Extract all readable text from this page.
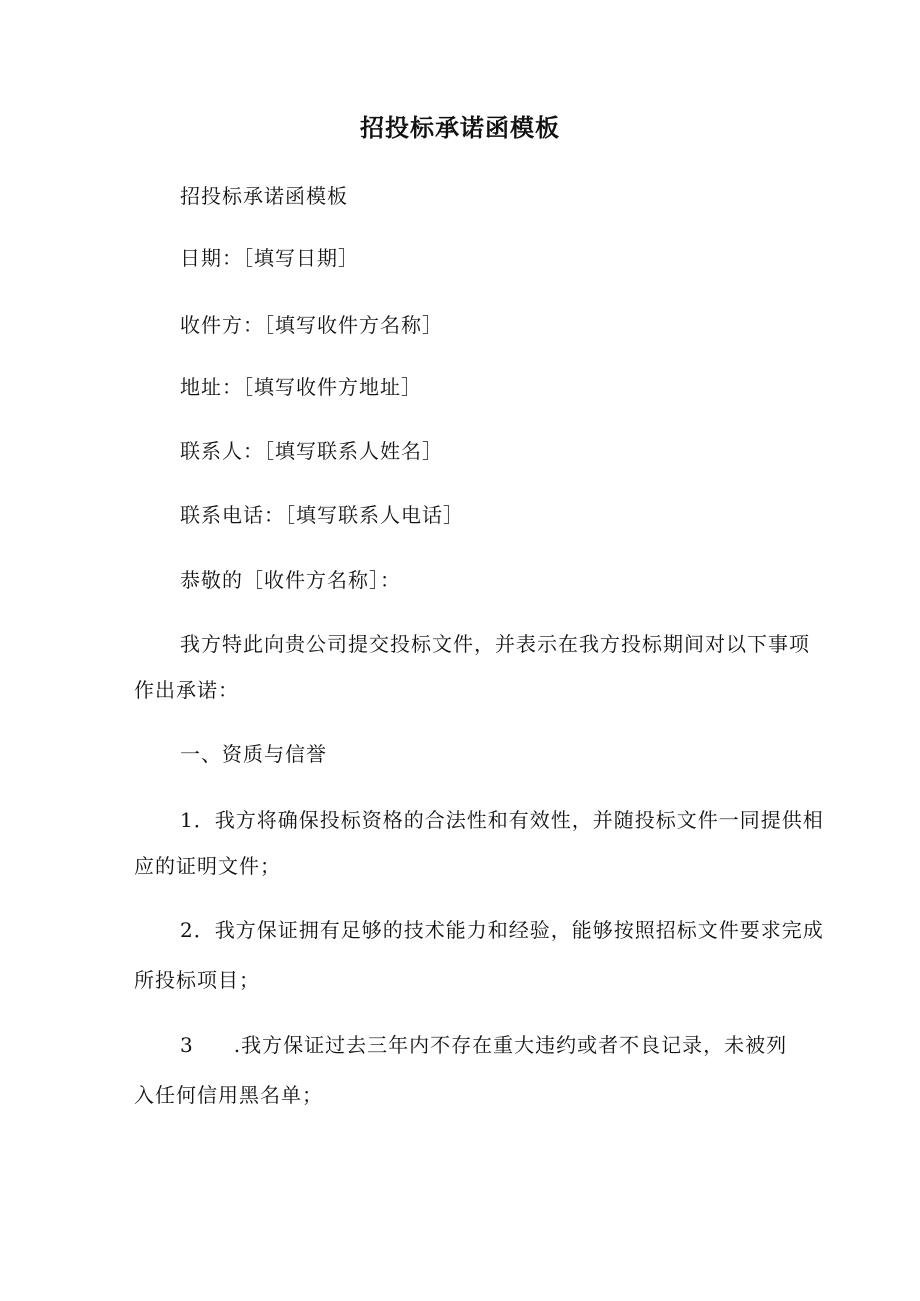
招投标承诺函模板
招投标承诺函模板
日期：［填写日期］
收件方：［填写收件方名称］
地址：［填写收件方地址］
联系人：［填写联系人姓名］
联系电话：［填写联系人电话］
恭敬的［收件方名称］：
我方特此向贵公司提交投标文件，并表示在我方投标期间对以下事项
作出承诺：
一、资质与信誉
1．我方将确保投标资格的合法性和有效性，并随投标文件一同提供相
应的证明文件；
2．我方保证拥有足够的技术能力和经验，能够按照招标文件要求完成
所投标项目；
3 .我方保证过去三年内不存在重大违约或者不良记录，未被列
入任何信用黑名单；
